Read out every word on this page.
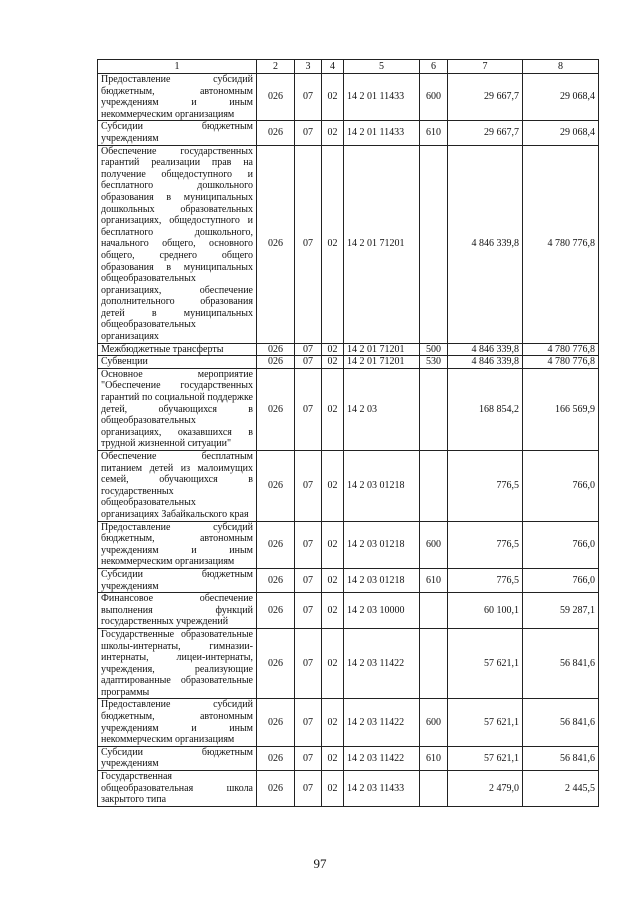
1	2	3	4	5	6	7	8
Предоставление субсидий бюджетным, автономным учреждениям и иным некоммерческим организациям	026	07	02	14 2 01 11433	600	29 667,7	29 068,4
Субсидии бюджетным учреждениям	026	07	02	14 2 01 11433	610	29 667,7	29 068,4
Обеспечение государственных гарантий реализации прав на получение общедоступного и бесплатного дошкольного образования в муниципальных дошкольных образовательных организациях, общедоступного и бесплатного дошкольного, начального общего, основного общего, среднего общего образования в муниципальных общеобразовательных организациях, обеспечение дополнительного образования детей в муниципальных общеобразовательных организациях	026	07	02	14 2 01 71201		4 846 339,8	4 780 776,8
Межбюджетные трансферты	026	07	02	14 2 01 71201	500	4 846 339,8	4 780 776,8
Субвенции	026	07	02	14 2 01 71201	530	4 846 339,8	4 780 776,8
Основное мероприятие "Обеспечение государственных гарантий по социальной поддержке детей, обучающихся в общеобразовательных организациях, оказавшихся в трудной жизненной ситуации"	026	07	02	14 2 03		168 854,2	166 569,9
Обеспечение бесплатным питанием детей из малоимущих семей, обучающихся в государственных общеобразовательных организациях Забайкальского края	026	07	02	14 2 03 01218		776,5	766,0
Предоставление субсидий бюджетным, автономным учреждениям и иным некоммерческим организациям	026	07	02	14 2 03 01218	600	776,5	766,0
Субсидии бюджетным учреждениям	026	07	02	14 2 03 01218	610	776,5	766,0
Финансовое обеспечение выполнения функций государственных учреждений	026	07	02	14 2 03 10000		60 100,1	59 287,1
Государственные образовательные школы-интернаты, гимназии-интернаты, лицеи-интернаты, учреждения, реализующие адаптированные образовательные программы	026	07	02	14 2 03 11422		57 621,1	56 841,6
Предоставление субсидий бюджетным, автономным учреждениям и иным некоммерческим организациям	026	07	02	14 2 03 11422	600	57 621,1	56 841,6
Субсидии бюджетным учреждениям	026	07	02	14 2 03 11422	610	57 621,1	56 841,6
Государственная общеобразовательная школа закрытого типа	026	07	02	14 2 03 11433		2 479,0	2 445,5
97
